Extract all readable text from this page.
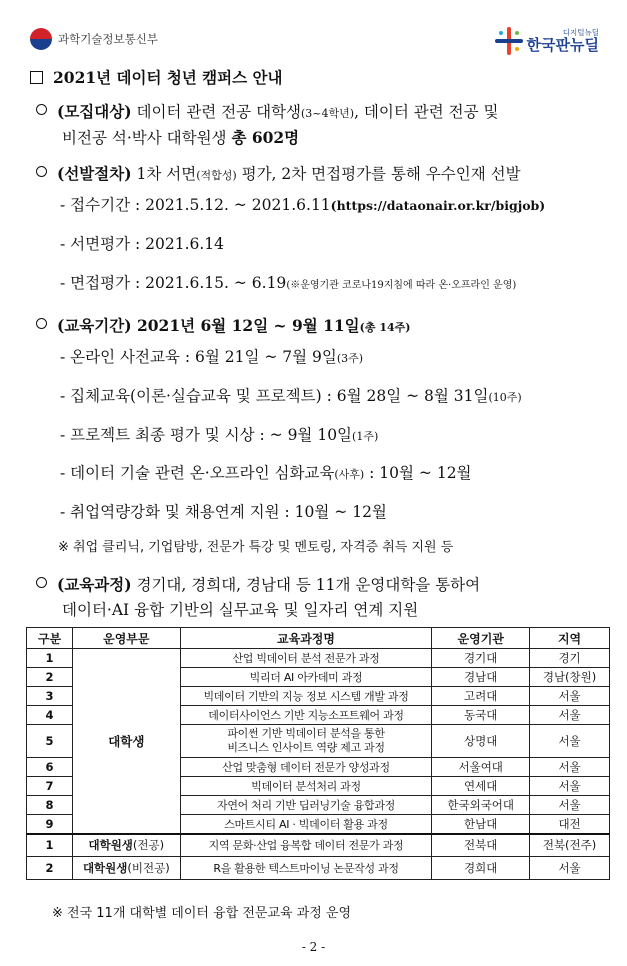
과학기술정보통신부	디지털뉴딜
한국판뉴딜
2021년 데이터 청년 캠퍼스 안내
(모집대상) 데이터 관련 전공 대학생(3~4학년), 데이터 관련 전공 및
비전공 석·박사 대학원생 총 602명
(선발절차) 1차 서면(적합성) 평가, 2차 면접평가를 통해 우수인재 선발
- 접수기간 : 2021.5.12. ~ 2021.6.11(https://dataonair.or.kr/bigjob)
- 서면평가 : 2021.6.14
- 면접평가 : 2021.6.15. ~ 6.19(※운영기관 코로나19지침에 따라 온·오프라인 운영)
(교육기간) 2021년 6월 12일 ~ 9월 11일(총 14주)
- 온라인 사전교육 : 6월 21일 ~ 7월 9일(3주)
- 집체교육(이론·실습교육 및 프로젝트) : 6월 28일 ~ 8월 31일(10주)
- 프로젝트 최종 평가 및 시상 : ~ 9월 10일(1주)
- 데이터 기술 관련 온·오프라인 심화교육(사후) : 10월 ~ 12월
- 취업역량강화 및 채용연계 지원 : 10월 ~ 12월
※ 취업 클리닉, 기업탐방, 전문가 특강 및 멘토링, 자격증 취득 지원 등
(교육과정) 경기대, 경희대, 경남대 등 11개 운영대학을 통하여
데이터·AI 융합 기반의 실무교육 및 일자리 연계 지원
구분	운영부문	교육과정명	운영기관	지역
1	대학생	산업 빅데이터 분석 전문가 과정	경기대	경기
2		빅리더 AI 아카데미 과정	경남대	경남(창원)
3		빅데이터 기반의 지능 정보 시스템 개발 과정	고려대	서울
4		데이터사이언스 기반 지능소프트웨어 과정	동국대	서울
5		파이썬 기반 빅데이터 분석을 통한 비즈니스 인사이트 역량 제고 과정	상명대	서울
6		산업 맞춤형 데이터 전문가 양성과정	서울여대	서울
7		빅데이터 분석처리 과정	연세대	서울
8		자연어 처리 기반 딥러닝기술 융합과정	한국외국어대	서울
9		스마트시티 AI · 빅데이터 활용 과정	한남대	대전
1	대학원생(전공)	지역 문화·산업 융복합 데이터 전문가 과정	전북대	전북(전주)
2	대학원생(비전공)	R을 활용한 텍스트마이닝 논문작성 과정	경희대	서울
※ 전국 11개 대학별 데이터 융합 전문교육 과정 운영
- 2 -
